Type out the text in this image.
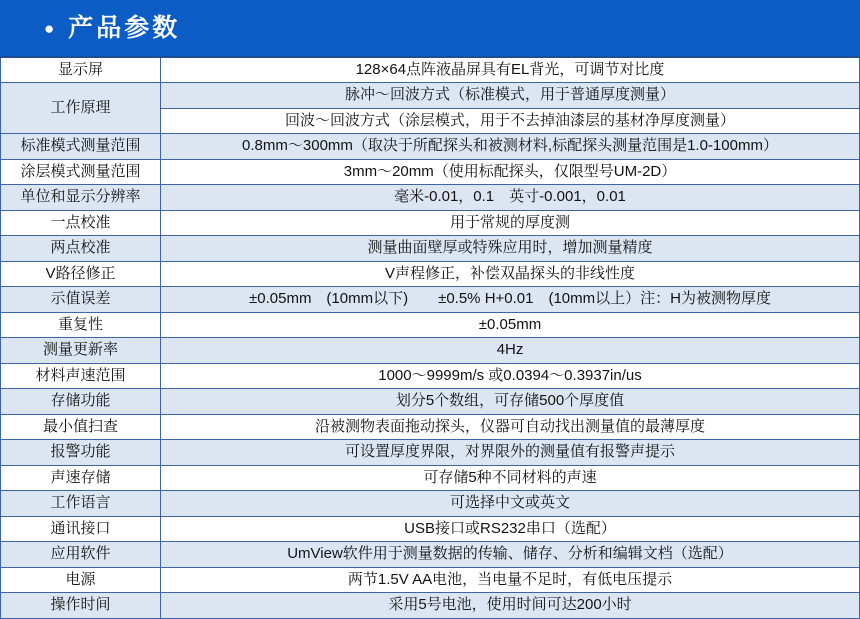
● 产品参数
显示屏	128×64点阵液晶屏具有EL背光，可调节对比度
工作原理	脉冲～回波方式（标准模式，用于普通厚度测量）
	回波～回波方式（涂层模式，用于不去掉油漆层的基材净厚度测量）
标准模式测量范围	0.8mm～300mm（取决于所配探头和被测材料,标配探头测量范围是1.0-100mm）
涂层模式测量范围	3mm～20mm（使用标配探头，仅限型号UM-2D）
单位和显示分辨率	毫米-0.01，0.1　英寸-0.001，0.01
一点校准	用于常规的厚度测
两点校准	测量曲面壁厚或特殊应用时，增加测量精度
V路径修正	V声程修正，补偿双晶探头的非线性度
示值误差	±0.05mm　(10mm以下)　　±0.5% H+0.01　(10mm以上）注：H为被测物厚度
重复性	±0.05mm
测量更新率	4Hz
材料声速范围	1000～9999m/s 或0.0394～0.3937in/us
存储功能	划分5个数组，可存储500个厚度值
最小值扫查	沿被测物表面拖动探头，仪器可自动找出测量值的最薄厚度
报警功能	可设置厚度界限，对界限外的测量值有报警声提示
声速存储	可存储5种不同材料的声速
工作语言	可选择中文或英文
通讯接口	USB接口或RS232串口（选配）
应用软件	UmView软件用于测量数据的传输、储存、分析和编辑文档（选配）
电源	两节1.5V AA电池，当电量不足时，有低电压提示
操作时间	采用5号电池，使用时间可达200小时
